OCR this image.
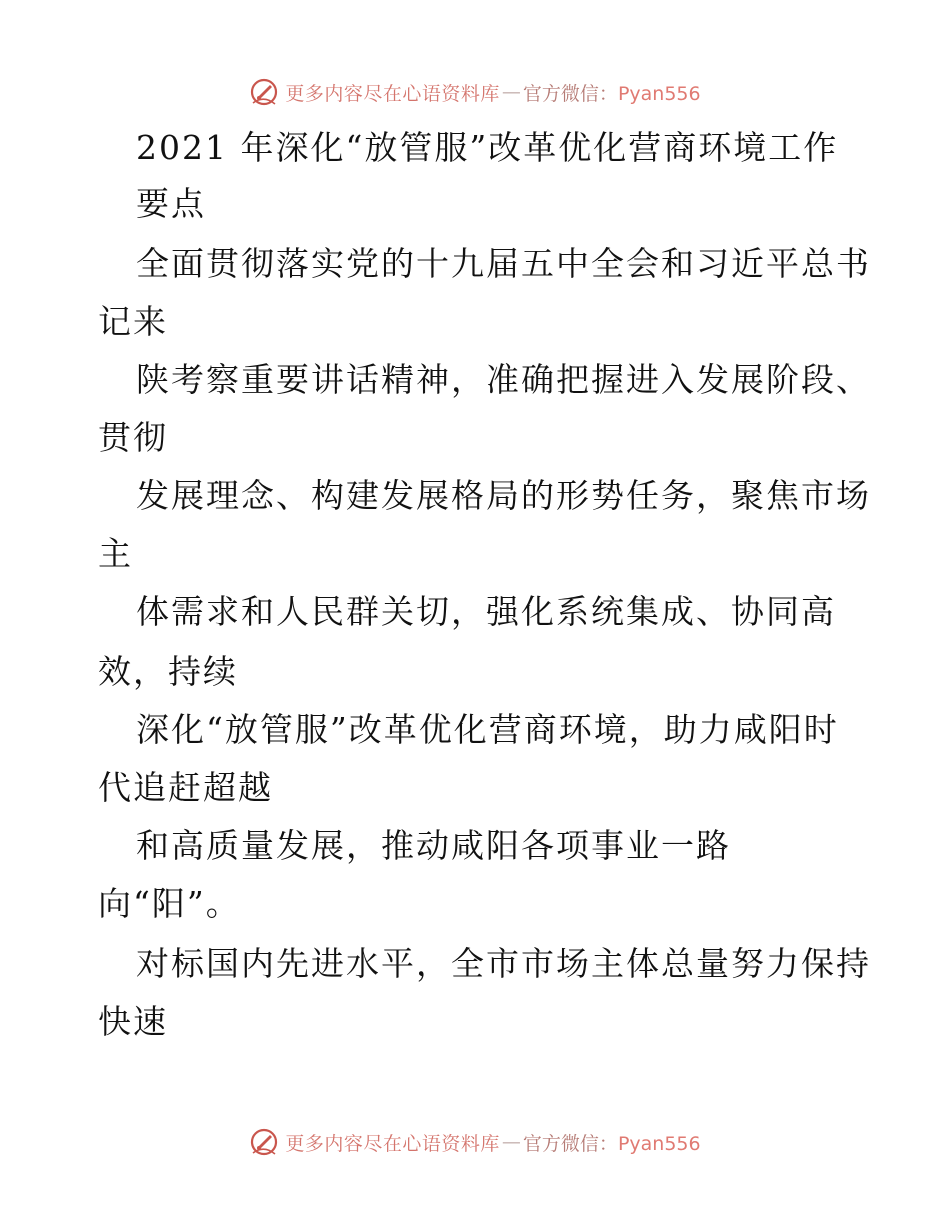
更多内容尽在心语资料库 — 官方微信：Pyan556
2021 年深化“放管服”改革优化营商环境工作
要点
全面贯彻落实党的十九届五中全会和习近平总书
记来
陕考察重要讲话精神，准确把握进入发展阶段、
贯彻
发展理念、构建发展格局的形势任务，聚焦市场
主
体需求和人民群关切，强化系统集成、协同高
效，持续
深化“放管服”改革优化营商环境，助力咸阳时
代追赶超越
和高质量发展，推动咸阳各项事业一路
向“阳”。
对标国内先进水平，全市市场主体总量努力保持
快速
更多内容尽在心语资料库 — 官方微信：Pyan556
